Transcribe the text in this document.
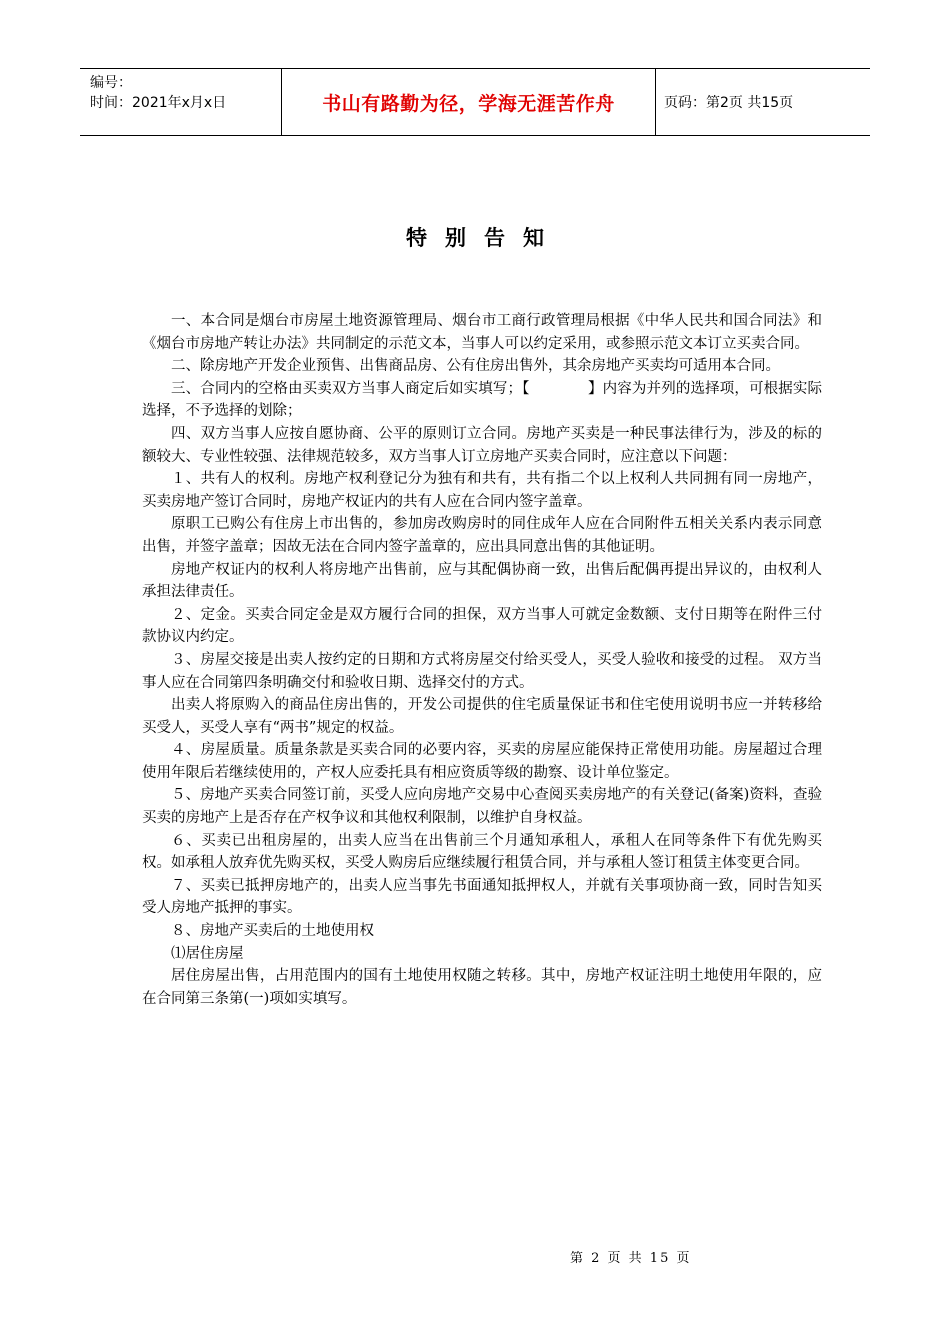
编号：
时间：2021年x月x日	书山有路勤为径，学海无涯苦作舟	页码：第2页 共15页
特别告知

一、本合同是烟台市房屋土地资源管理局、烟台市工商行政管理局根据《中华人民共和国合同法》和《烟台市房地产转让办法》共同制定的示范文本，当事人可以约定采用，或参照示范文本订立买卖合同。

二、除房地产开发企业预售、出售商品房、公有住房出售外，其余房地产买卖均可适用本合同。

三、合同内的空格由买卖双方当事人商定后如实填写；【　　　　】内容为并列的选择项，可根据实际选择，不予选择的划除；

四、双方当事人应按自愿协商、公平的原则订立合同。房地产买卖是一种民事法律行为，涉及的标的额较大、专业性较强、法律规范较多，双方当事人订立房地产买卖合同时，应注意以下问题：

１、共有人的权利。房地产权利登记分为独有和共有，共有指二个以上权利人共同拥有同一房地产，买卖房地产签订合同时，房地产权证内的共有人应在合同内签字盖章。

原职工已购公有住房上市出售的，参加房改购房时的同住成年人应在合同附件五相关关系内表示同意出售，并签字盖章；因故无法在合同内签字盖章的，应出具同意出售的其他证明。

房地产权证内的权利人将房地产出售前，应与其配偶协商一致，出售后配偶再提出异议的，由权利人承担法律责任。

２、定金。买卖合同定金是双方履行合同的担保，双方当事人可就定金数额、支付日期等在附件三付款协议内约定。

３、房屋交接是出卖人按约定的日期和方式将房屋交付给买受人，买受人验收和接受的过程。 双方当事人应在合同第四条明确交付和验收日期、选择交付的方式。

出卖人将原购入的商品住房出售的，开发公司提供的住宅质量保证书和住宅使用说明书应一并转移给买受人，买受人享有“两书”规定的权益。

４、房屋质量。质量条款是买卖合同的必要内容，买卖的房屋应能保持正常使用功能。房屋超过合理使用年限后若继续使用的，产权人应委托具有相应资质等级的勘察、设计单位鉴定。

５、房地产买卖合同签订前，买受人应向房地产交易中心查阅买卖房地产的有关登记(备案)资料，查验买卖的房地产上是否存在产权争议和其他权利限制，以维护自身权益。

６、买卖已出租房屋的，出卖人应当在出售前三个月通知承租人，承租人在同等条件下有优先购买权。如承租人放弃优先购买权，买受人购房后应继续履行租赁合同，并与承租人签订租赁主体变更合同。

７、买卖已抵押房地产的，出卖人应当事先书面通知抵押权人，并就有关事项协商一致，同时告知买受人房地产抵押的事实。

８、房地产买卖后的土地使用权

⑴居住房屋

居住房屋出售，占用范围内的国有土地使用权随之转移。其中，房地产权证注明土地使用年限的，应在合同第三条第(一)项如实填写。

第 2 页 共 15 页
